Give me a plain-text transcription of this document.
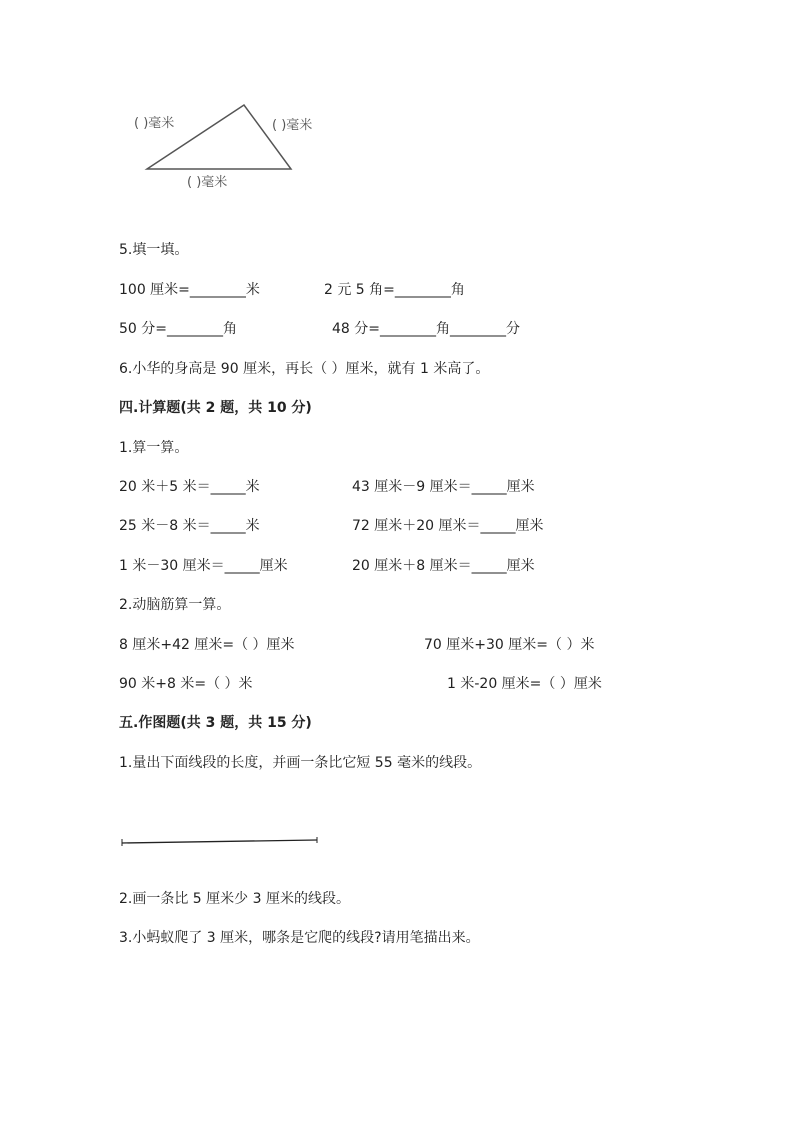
( )毫米	( )毫米
( )毫米
5.填一填。
100 厘米=________米	2 元 5 角=________角
50 分=________角	48 分=________角________分
6.小华的身高是 90 厘米，再长（ ）厘米，就有 1 米高了。
四.计算题(共 2 题，共 10 分)
1.算一算。
20 米＋5 米＝_____米	43 厘米－9 厘米＝_____厘米
25 米－8 米＝_____米	72 厘米＋20 厘米＝_____厘米
1 米－30 厘米＝_____厘米	20 厘米＋8 厘米＝_____厘米
2.动脑筋算一算。
8 厘米+42 厘米=（ ）厘米	70 厘米+30 厘米=（ ）米
90 米+8 米=（ ）米	1 米-20 厘米=（ ）厘米
五.作图题(共 3 题，共 15 分)
1.量出下面线段的长度，并画一条比它短 55 毫米的线段。
2.画一条比 5 厘米少 3 厘米的线段。
3.小蚂蚁爬了 3 厘米，哪条是它爬的线段?请用笔描出来。
